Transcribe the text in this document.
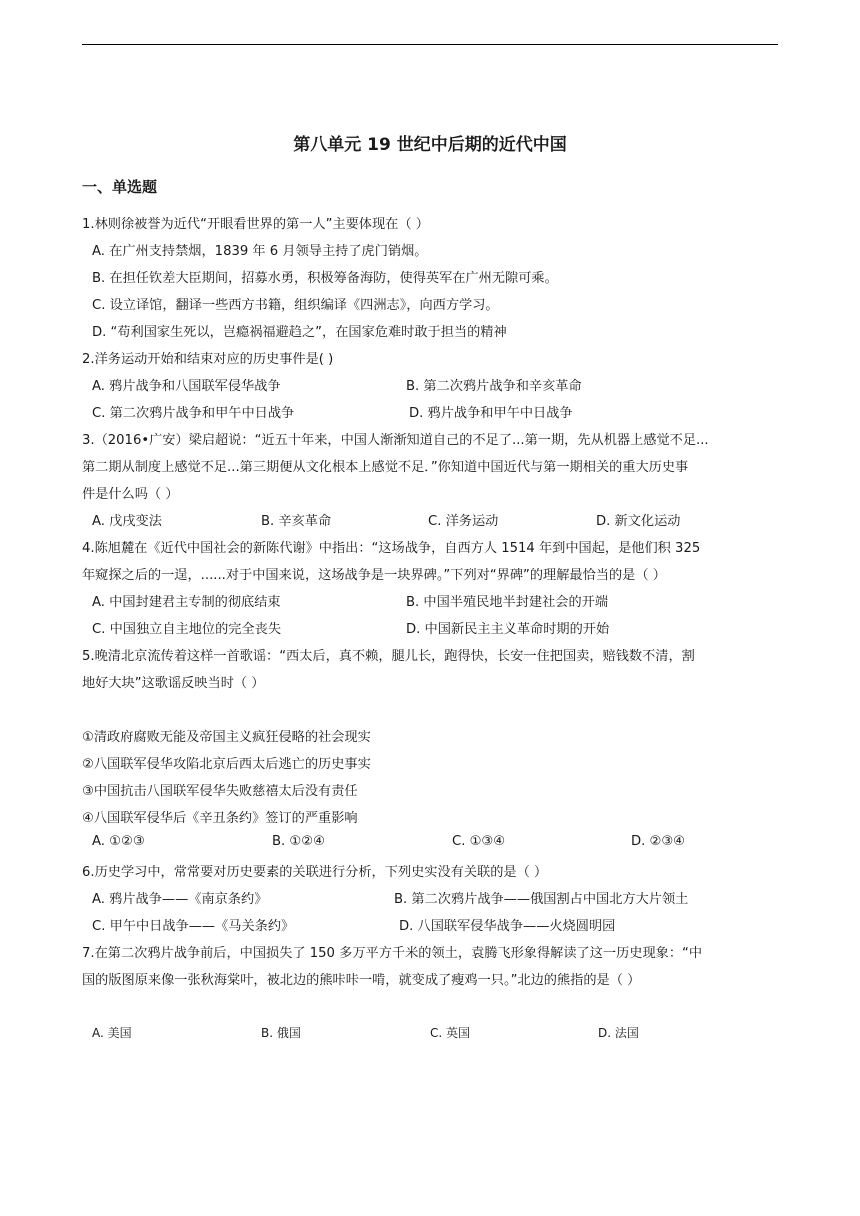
第八单元 19 世纪中后期的近代中国
一、单选题
1.林则徐被誉为近代“开眼看世界的第一人”主要体现在（ ）
A. 在广州支持禁烟，1839 年 6 月领导主持了虎门销烟。
B. 在担任钦差大臣期间，招募水勇，积极筹备海防，使得英军在广州无隙可乘。
C. 设立译馆，翻译一些西方书籍，组织编译《四洲志》，向西方学习。
D. “苟利国家生死以，岂瘾祸福避趋之”，在国家危难时敢于担当的精神
2.洋务运动开始和结束对应的历史事件是( )
A. 鸦片战争和八国联军侵华战争	B. 第二次鸦片战争和辛亥革命
C. 第二次鸦片战争和甲午中日战争	D. 鸦片战争和甲午中日战争
3.（2016•广安）梁启超说：“近五十年来，中国人渐渐知道自己的不足了...第一期，先从机器上感觉不足...
第二期从制度上感觉不足...第三期便从文化根本上感觉不足．”你知道中国近代与第一期相关的重大历史事
件是什么吗（ ）
A. 戊戌变法	B. 辛亥革命	C. 洋务运动	D. 新文化运动
4.陈旭麓在《近代中国社会的新陈代谢》中指出：“这场战争，自西方人 1514 年到中国起，是他们积 325
年窥探之后的一逞，......对于中国来说，这场战争是一块界碑。”下列对“界碑”的理解最恰当的是（ ）
A. 中国封建君主专制的彻底结束	B. 中国半殖民地半封建社会的开端
C. 中国独立自主地位的完全丧失	D. 中国新民主主义革命时期的开始
5.晚清北京流传着这样一首歌谣：“西太后，真不赖，腿儿长，跑得快，长安一住把国卖，赔钱数不清，割
地好大块”这歌谣反映当时（ ）
①清政府腐败无能及帝国主义疯狂侵略的社会现实
②八国联军侵华攻陷北京后西太后逃亡的历史事实
③中国抗击八国联军侵华失败慈禧太后没有责任
④八国联军侵华后《辛丑条约》签订的严重影响
A. ①②③	B. ①②④	C. ①③④	D. ②③④
6.历史学习中，常常要对历史要素的关联进行分析，下列史实没有关联的是（ ）
A. 鸦片战争——《南京条约》	B. 第二次鸦片战争——俄国割占中国北方大片领土
C. 甲午中日战争——《马关条约》	D. 八国联军侵华战争——火烧圆明园
7.在第二次鸦片战争前后，中国损失了 150 多万平方千米的领土，袁腾飞形象得解读了这一历史现象：“中
国的版图原来像一张秋海棠叶，被北边的熊咔咔一啃，就变成了瘦鸡一只。”北边的熊指的是（ ）
A. 美国	B. 俄国	C. 英国	D. 法国
